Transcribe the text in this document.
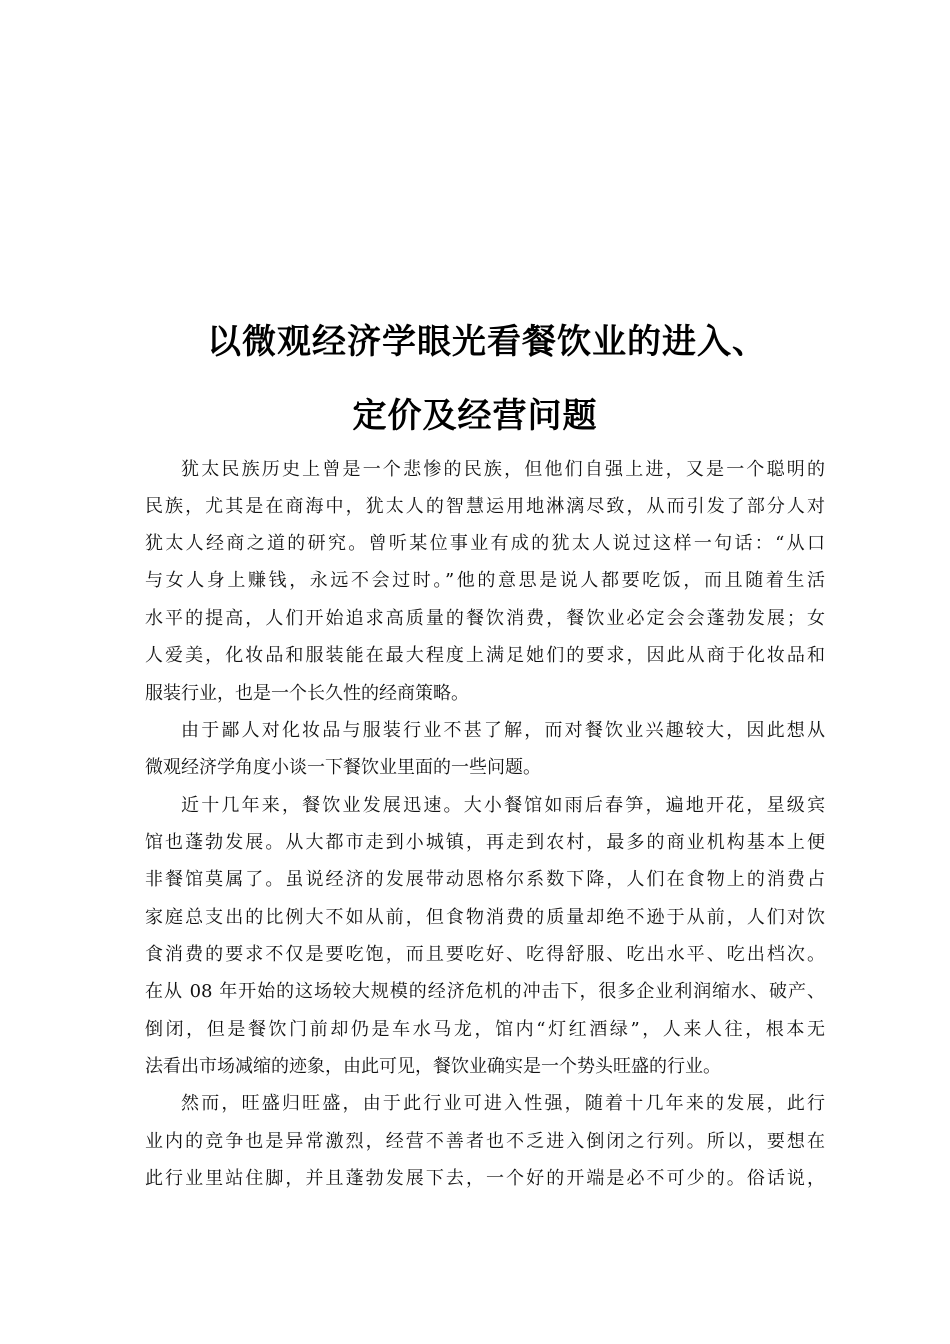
以微观经济学眼光看餐饮业的进入、
定价及经营问题
犹太民族历史上曾是一个悲惨的民族，但他们自强上进，又是一个聪明的
民族，尤其是在商海中，犹太人的智慧运用地淋漓尽致，从而引发了部分人对
犹太人经商之道的研究。曾听某位事业有成的犹太人说过这样一句话：“从口
与女人身上赚钱，永远不会过时。”他的意思是说人都要吃饭，而且随着生活
水平的提高，人们开始追求高质量的餐饮消费，餐饮业必定会会蓬勃发展；女
人爱美，化妆品和服装能在最大程度上满足她们的要求，因此从商于化妆品和
服装行业，也是一个长久性的经商策略。
由于鄙人对化妆品与服装行业不甚了解，而对餐饮业兴趣较大，因此想从
微观经济学角度小谈一下餐饮业里面的一些问题。
近十几年来，餐饮业发展迅速。大小餐馆如雨后春笋，遍地开花，星级宾
馆也蓬勃发展。从大都市走到小城镇，再走到农村，最多的商业机构基本上便
非餐馆莫属了。虽说经济的发展带动恩格尔系数下降，人们在食物上的消费占
家庭总支出的比例大不如从前，但食物消费的质量却绝不逊于从前，人们对饮
食消费的要求不仅是要吃饱，而且要吃好、吃得舒服、吃出水平、吃出档次。
在从 08 年开始的这场较大规模的经济危机的冲击下，很多企业利润缩水、破产、
倒闭，但是餐饮门前却仍是车水马龙，馆内“灯红酒绿”，人来人往，根本无
法看出市场减缩的迹象，由此可见，餐饮业确实是一个势头旺盛的行业。
然而，旺盛归旺盛，由于此行业可进入性强，随着十几年来的发展，此行
业内的竞争也是异常激烈，经营不善者也不乏进入倒闭之行列。所以，要想在
此行业里站住脚，并且蓬勃发展下去，一个好的开端是必不可少的。俗话说，
